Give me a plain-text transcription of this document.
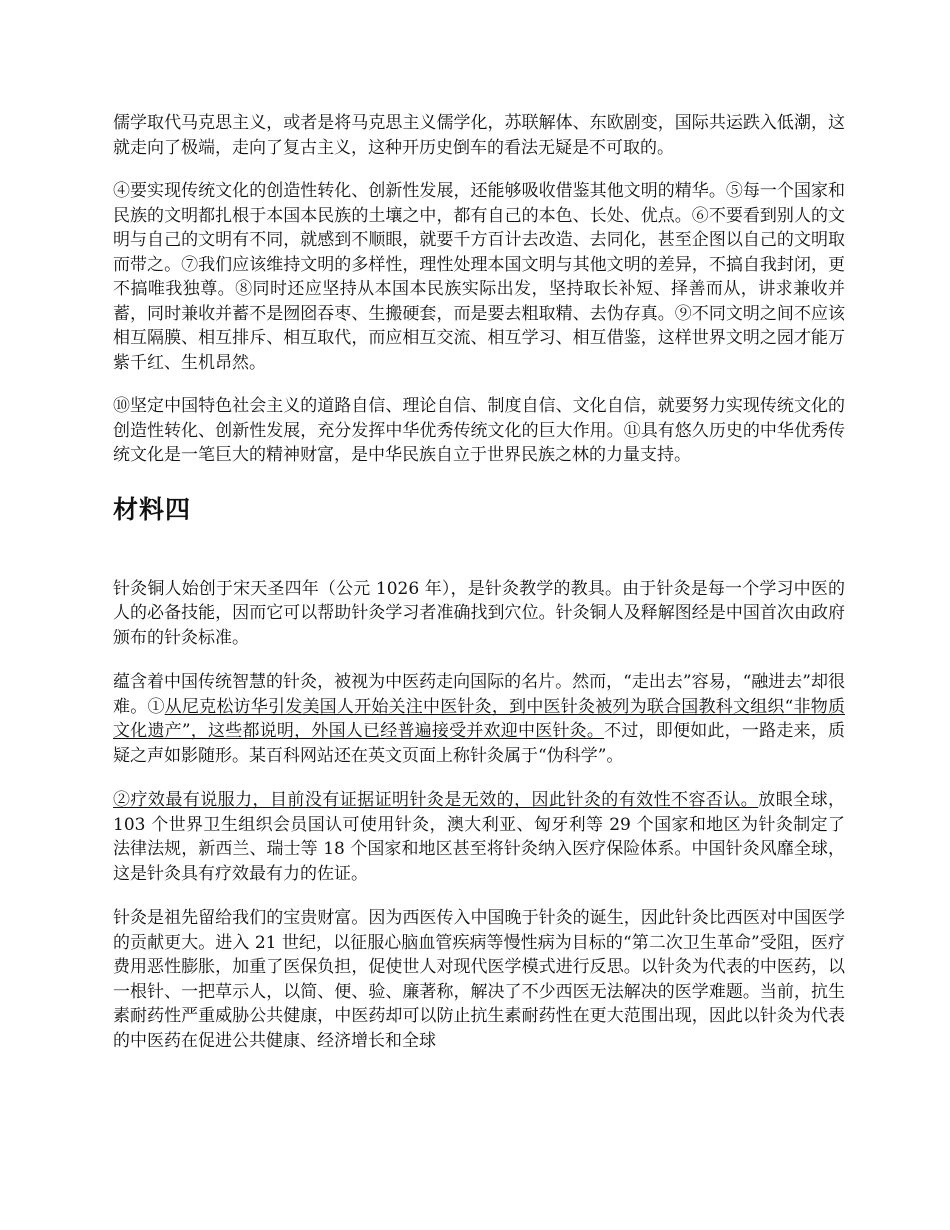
儒学取代马克思主义，或者是将马克思主义儒学化，苏联解体、东欧剧变，国际共运跌入低潮，这就走向了极端，走向了复古主义，这种开历史倒车的看法无疑是不可取的。

④要实现传统文化的创造性转化、创新性发展，还能够吸收借鉴其他文明的精华。⑤每一个国家和民族的文明都扎根于本国本民族的土壤之中，都有自己的本色、长处、优点。⑥不要看到别人的文明与自己的文明有不同，就感到不顺眼，就要千方百计去改造、去同化，甚至企图以自己的文明取而带之。⑦我们应该维持文明的多样性，理性处理本国文明与其他文明的差异，不搞自我封闭，更不搞唯我独尊。⑧同时还应坚持从本国本民族实际出发，坚持取长补短、择善而从，讲求兼收并蓄，同时兼收并蓄不是囫囵吞枣、生搬硬套，而是要去粗取精、去伪存真。⑨不同文明之间不应该相互隔膜、相互排斥、相互取代，而应相互交流、相互学习、相互借鉴，这样世界文明之园才能万紫千红、生机昂然。

⑩坚定中国特色社会主义的道路自信、理论自信、制度自信、文化自信，就要努力实现传统文化的创造性转化、创新性发展，充分发挥中华优秀传统文化的巨大作用。⑪具有悠久历史的中华优秀传统文化是一笔巨大的精神财富，是中华民族自立于世界民族之林的力量支持。

材料四

针灸铜人始创于宋天圣四年（公元 1026 年），是针灸教学的教具。由于针灸是每一个学习中医的人的必备技能，因而它可以帮助针灸学习者准确找到穴位。针灸铜人及释解图经是中国首次由政府颁布的针灸标准。

蕴含着中国传统智慧的针灸，被视为中医药走向国际的名片。然而，“走出去”容易，“融进去”却很难。①从尼克松访华引发美国人开始关注中医针灸，到中医针灸被列为联合国教科文组织“非物质文化遗产”，这些都说明，外国人已经普遍接受并欢迎中医针灸。不过，即便如此，一路走来，质疑之声如影随形。某百科网站还在英文页面上称针灸属于“伪科学”。

②疗效最有说服力，目前没有证据证明针灸是无效的，因此针灸的有效性不容否认。放眼全球，103 个世界卫生组织会员国认可使用针灸，澳大利亚、匈牙利等 29 个国家和地区为针灸制定了法律法规，新西兰、瑞士等 18 个国家和地区甚至将针灸纳入医疗保险体系。中国针灸风靡全球，这是针灸具有疗效最有力的佐证。

针灸是祖先留给我们的宝贵财富。因为西医传入中国晚于针灸的诞生，因此针灸比西医对中国医学的贡献更大。进入 21 世纪，以征服心脑血管疾病等慢性病为目标的“第二次卫生革命”受阻，医疗费用恶性膨胀，加重了医保负担，促使世人对现代医学模式进行反思。以针灸为代表的中医药，以一根针、一把草示人，以简、便、验、廉著称，解决了不少西医无法解决的医学难题。当前，抗生素耐药性严重威胁公共健康，中医药却可以防止抗生素耐药性在更大范围出现，因此以针灸为代表的中医药在促进公共健康、经济增长和全球
